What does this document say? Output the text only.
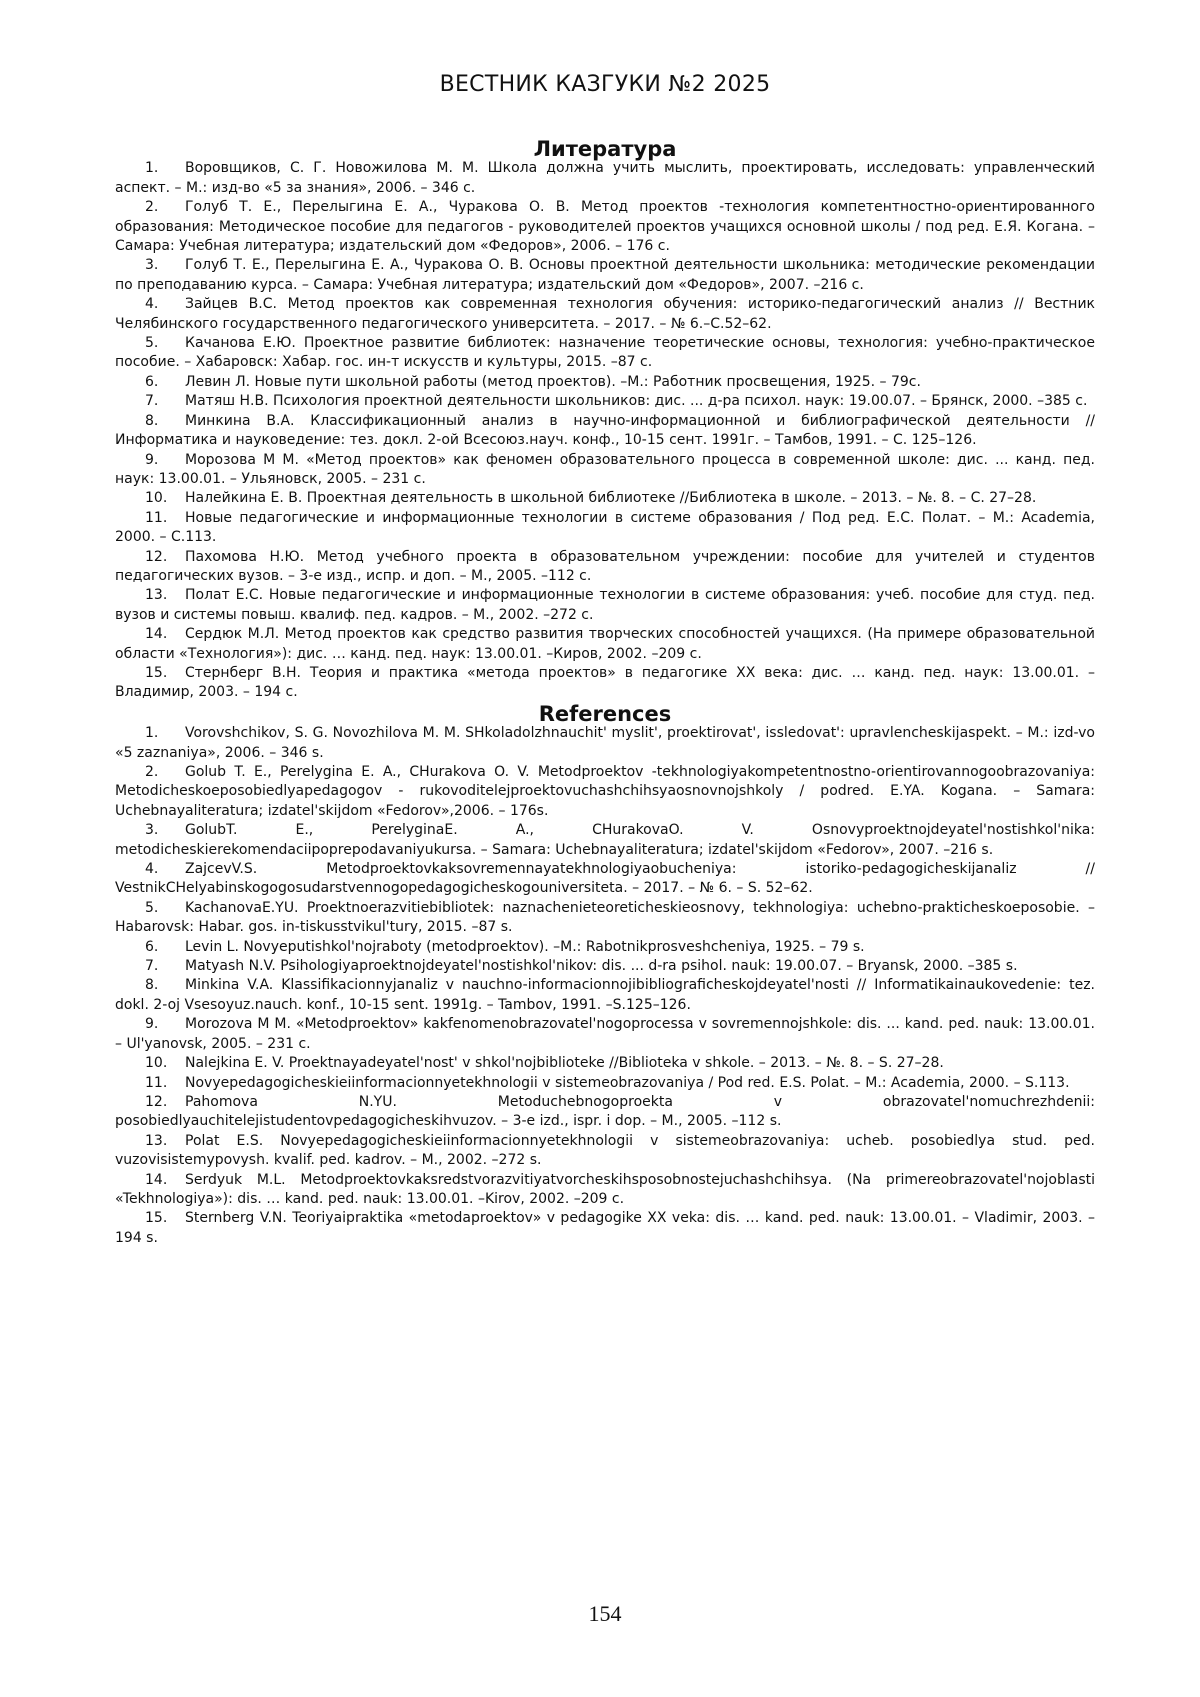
ВЕСТНИК КАЗГУКИ №2 2025
Литература

1. Воровщиков, С. Г. Новожилова М. М. Школа должна учить мыслить, проектировать, исследовать: управленческий аспект. – М.: изд-во «5 за знания», 2006. – 346 с.

2. Голуб Т. Е., Перелыгина Е. А., Чуракова О. В. Метод проектов -технология компетентностно-ориентированного образования: Методическое пособие для педагогов - руководителей проектов учащихся основной школы / под ред. Е.Я. Когана. – Самара: Учебная литература; издательский дом «Федоров», 2006. – 176 с.

3. Голуб Т. Е., Перелыгина Е. А., Чуракова О. В. Основы проектной деятельности школьника: методические рекомендации по преподаванию курса. – Самара: Учебная литература; издательский дом «Федоров», 2007. –216 с.

4. Зайцев В.С. Метод проектов как современная технология обучения: историко-педагогический анализ // Вестник Челябинского государственного педагогического университета. – 2017. – № 6.–С.52–62.

5. Качанова Е.Ю. Проектное развитие библиотек: назначение теоретические основы, технология: учебно-практическое пособие. – Хабаровск: Хабар. гос. ин-т искусств и культуры, 2015. –87 с.

6. Левин Л. Новые пути школьной работы (метод проектов). –М.: Работник просвещения, 1925. – 79с.

7. Матяш Н.В. Психология проектной деятельности школьников: дис. ... д-ра психол. наук: 19.00.07. – Брянск, 2000. –385 с.

8. Минкина В.А. Классификационный анализ в научно-информационной и библиографической деятельности // Информатика и науковедение: тез. докл. 2-ой Всесоюз.науч. конф., 10-15 сент. 1991г. – Тамбов, 1991. – С. 125–126.

9. Морозова М М. «Метод проектов» как феномен образовательного процесса в современной школе: дис. ... канд. пед. наук: 13.00.01. – Ульяновск, 2005. – 231 с.

10. Налейкина Е. В. Проектная деятельность в школьной библиотеке //Библиотека в школе. – 2013. – №. 8. – С. 27–28.

11. Новые педагогические и информационные технологии в системе образования / Под ред. Е.С. Полат. – М.: Academia, 2000. – С.113.

12. Пахомова Н.Ю. Метод учебного проекта в образовательном учреждении: пособие для учителей и студентов педагогических вузов. – 3-е изд., испр. и доп. – М., 2005. –112 с.

13. Полат Е.С. Новые педагогические и информационные технологии в системе образования: учеб. пособие для студ. пед. вузов и системы повыш. квалиф. пед. кадров. – М., 2002. –272 с.

14. Сердюк М.Л. Метод проектов как средство развития творческих способностей учащихся. (На примере образовательной области «Технология»): дис. … канд. пед. наук: 13.00.01. –Киров, 2002. –209 с.

15. Стернберг В.Н. Теория и практика «метода проектов» в педагогике ХХ века: дис. … канд. пед. наук: 13.00.01. – Владимир, 2003. – 194 с.

References

1. Vorovshchikov, S. G. Novozhilova M. M. SHkoladolzhnauchit' myslit', proektirovat', issledovat': upravlencheskijaspekt. – M.: izd-vo «5 zaznaniya», 2006. – 346 s.

2. Golub T. E., Perelygina E. A., CHurakova O. V. Metodproektov -tekhnologiyakompetentnostno-orientirovannogoobrazovaniya: Metodicheskoeposobiedlyapedagogov - rukovoditelejproektovuchashchihsyaosnovnojshkoly / podred. E.YA. Kogana. – Samara: Uchebnayaliteratura; izdatel'skijdom «Fedorov»,2006. – 176s.

3. GolubT. E., PerelyginaE. A., CHurakovaO. V. Osnovyproektnojdeyatel'nostishkol'nika: metodicheskierekomendaciipoprepodavaniyukursa. – Samara: Uchebnayaliteratura; izdatel'skijdom «Fedorov», 2007. –216 s.

4. ZajcevV.S. Metodproektovkaksovremennayatekhnologiyaobucheniya: istoriko-pedagogicheskijanaliz // VestnikCHelyabinskogogosudarstvennogopedagogicheskogouniversiteta. – 2017. – № 6. – S. 52–62.

5. KachanovaE.YU. Proektnoerazvitiebibliotek: naznachenieteoreticheskieosnovy, tekhnologiya: uchebno-prakticheskoeposobie. – Habarovsk: Habar. gos. in-tiskusstvikul'tury, 2015. –87 s.

6. Levin L. Novyeputishkol'nojraboty (metodproektov). –M.: Rabotnikprosveshcheniya, 1925. – 79 s.

7. Matyash N.V. Psihologiyaproektnojdeyatel'nostishkol'nikov: dis. ... d-ra psihol. nauk: 19.00.07. – Bryansk, 2000. –385 s.

8. Minkina V.A. Klassifikacionnyjanaliz v nauchno-informacionnojibibliograficheskojdeyatel'nosti // Informatikainaukovedenie: tez. dokl. 2-oj Vsesoyuz.nauch. konf., 10-15 sent. 1991g. – Tambov, 1991. –S.125–126.

9. Morozova M M. «Metodproektov» kakfenomenobrazovatel'nogoprocessa v sovremennojshkole: dis. ... kand. ped. nauk: 13.00.01. – Ul'yanovsk, 2005. – 231 c.

10. Nalejkina E. V. Proektnayadeyatel'nost' v shkol'nojbiblioteke //Biblioteka v shkole. – 2013. – №. 8. – S. 27–28.

11. Novyepedagogicheskieiinformacionnyetekhnologii v sistemeobrazovaniya / Pod red. E.S. Polat. – M.: Academia, 2000. – S.113.

12. Pahomova N.YU. Metoduchebnogoproekta v obrazovatel'nomuchrezhdenii: posobiedlyauchitelejistudentovpedagogicheskihvuzov. – 3-e izd., ispr. i dop. – M., 2005. –112 s.

13. Polat E.S. Novyepedagogicheskieiinformacionnyetekhnologii v sistemeobrazovaniya: ucheb. posobiedlya stud. ped. vuzovisistemypovysh. kvalif. ped. kadrov. – M., 2002. –272 s.

14. Serdyuk M.L. Metodproektovkaksredstvorazvitiyatvorcheskihsposobnostejuchashchihsya. (Na primereobrazovatel'nojoblasti «Tekhnologiya»): dis. … kand. ped. nauk: 13.00.01. –Kirov, 2002. –209 c.

15. Sternberg V.N. Teoriyaipraktika «metodaproektov» v pedagogike XX veka: dis. … kand. ped. nauk: 13.00.01. – Vladimir, 2003. – 194 s.

154
